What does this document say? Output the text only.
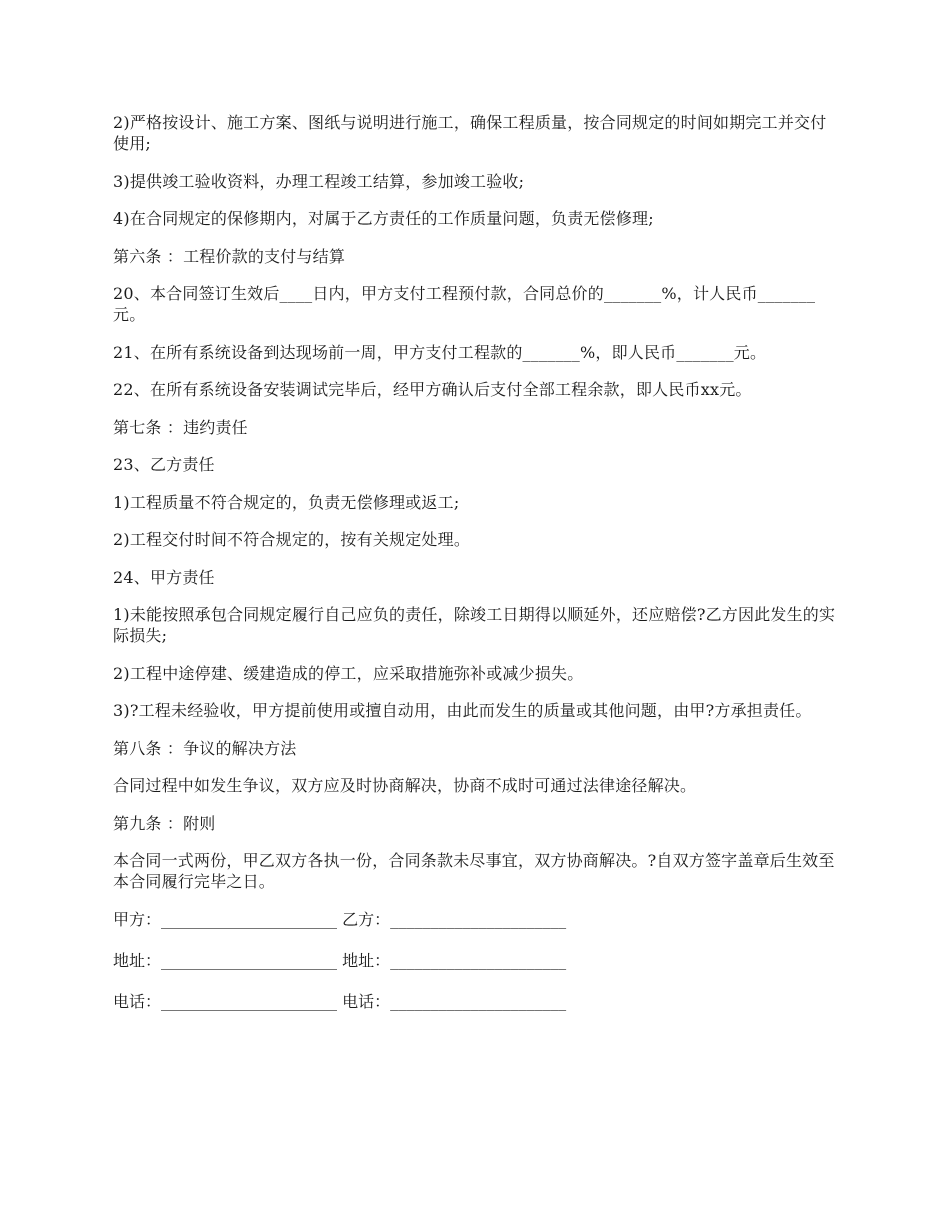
2)严格按设计、施工方案、图纸与说明进行施工，确保工程质量，按合同规定的时间如期完工并交付使用;

3)提供竣工验收资料，办理工程竣工结算，参加竣工验收;

4)在合同规定的保修期内，对属于乙方责任的工作质量问题，负责无偿修理;

第六条 ：工程价款的支付与结算

20、本合同签订生效后____日内，甲方支付工程预付款，合同总价的_______%，计人民币_______元。

21、在所有系统设备到达现场前一周，甲方支付工程款的_______%，即人民币_______元。

22、在所有系统设备安装调试完毕后，经甲方确认后支付全部工程余款，即人民币xx元。

第七条 ：违约责任

23、乙方责任

1)工程质量不符合规定的，负责无偿修理或返工;

2)工程交付时间不符合规定的，按有关规定处理。

24、甲方责任

1)未能按照承包合同规定履行自己应负的责任，除竣工日期得以顺延外，还应赔偿?乙方因此发生的实际损失;

2)工程中途停建、缓建造成的停工，应采取措施弥补或减少损失。

3)?工程未经验收，甲方提前使用或擅自动用，由此而发生的质量或其他问题，由甲?方承担责任。

第八条 ：争议的解决方法

合同过程中如发生争议，双方应及时协商解决，协商不成时可通过法律途径解决。

第九条 ：附则

本合同一式两份，甲乙双方各执一份，合同条款未尽事宜，双方协商解决。?自双方签字盖章后生效至本合同履行完毕之日。

甲方：______________________ 乙方：______________________
地址：______________________ 地址：______________________
电话：______________________ 电话：______________________
